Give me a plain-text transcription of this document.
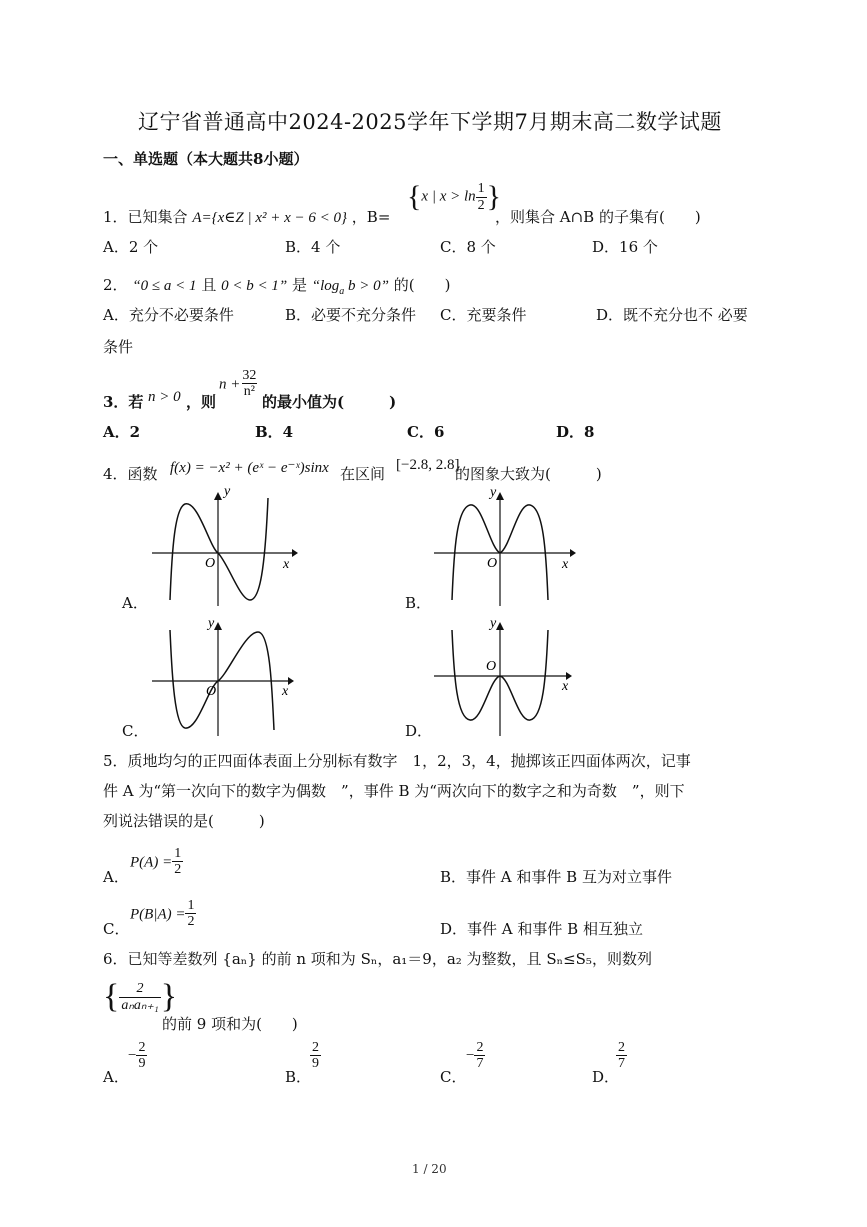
辽宁省普通高中2024-2025学年下学期7月期末高二数学试题
一、单选题（本大题共8小题）
1．已知集合 A={x∈Z | x² + x − 6 < 0} ，B=
{x | $x > \ln \frac{1}{2}$ }
，则集合 A∩B 的子集有(　　)
A．2 个	B．4 个	C．8 个	D．16 个
2． “0 ≤ a < 1 且 0 < b < 1” 是 “$\log_a$ b > 0” 的(　　)
A．充分不必要条件	B．必要不充分条件 C．充要条件	D．既不充分也不 必要
条件
3．若 n > 0 ，则
$n + \frac{32}{\text{n²}}$
的最小值为(　　　)
A．2	B．4	C．6	D．8
4．函数 f(x) = −x² + (eˣ − e⁻ˣ)sinx 在区间 [−2.8, 2.8]
的图象大致为(　　　)
y
x
O
A．
y
x
O
B．
y
x
O
C．
y
x
O
D．
5．质地均匀的正四面体表面上分别标有数字　1，2，3，4，抛掷该正四面体两次，记事
件 A 为“第一次向下的数字为偶数　”，事件 B 为“两次向下的数字之和为奇数　”，则下
列说法错误的是(　　　)
A．
$P(A) = \frac{1}{2}$	B．事件 A 和事件 B 互为对立事件
C．
$P(B|A) = \frac{1}{2}$	D．事件 A 和事件 B 相互独立
6．已知等差数列 {aₙ} 的前 n 项和为 Sₙ，a₁＝9，a₂ 为整数，且 Sₙ≤S₅，则数列
{ $\frac{2}{\text{aₙaₙ₊₁}}$ }
的前 9 项和为(　　)
A．
− $\frac{2}{9}$
B．
$\frac{2}{9}$
C．
− $\frac{2}{7}$
D．
$\frac{2}{7}$
1 / 20
